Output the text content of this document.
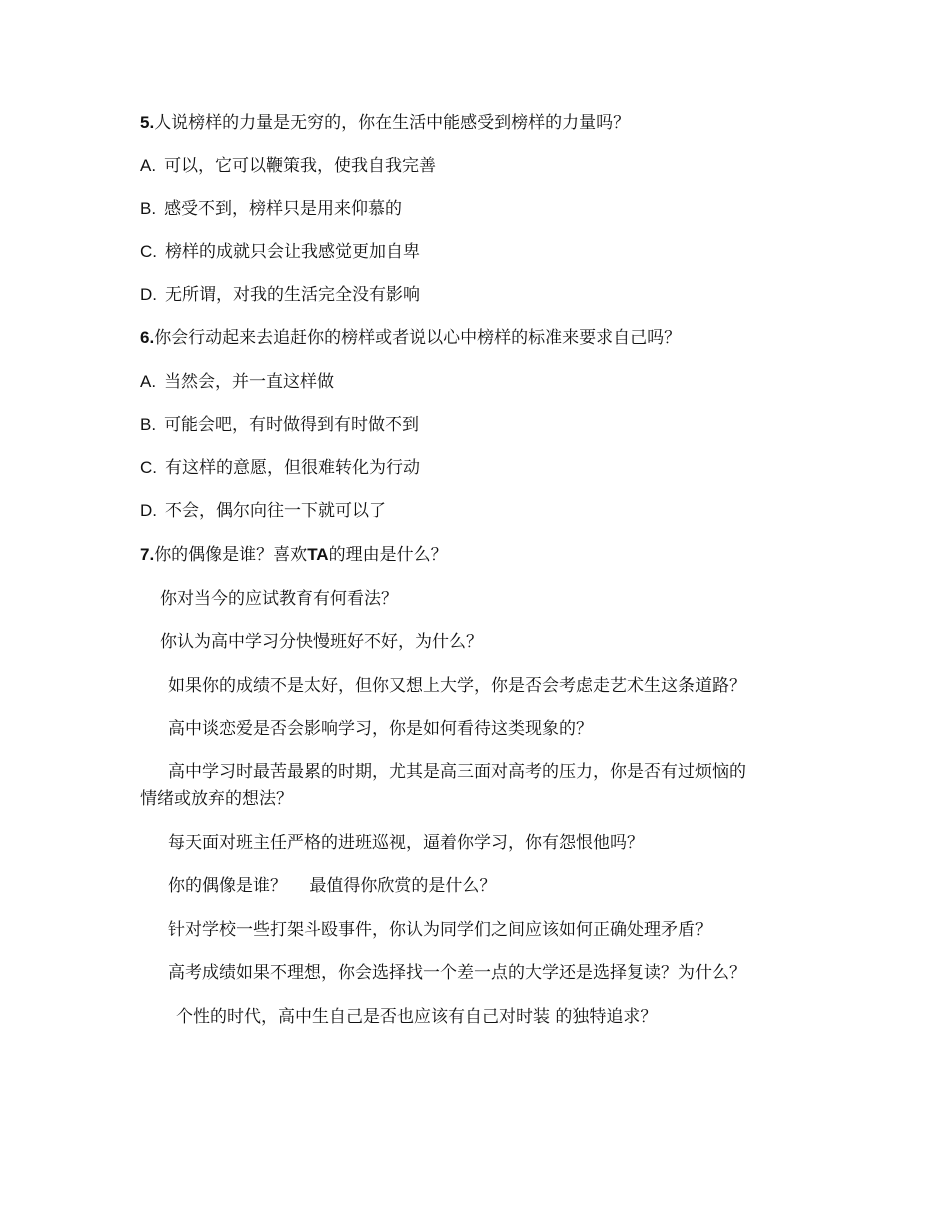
5.人说榜样的力量是无穷的，你在生活中能感受到榜样的力量吗？
A. 可以，它可以鞭策我，使我自我完善
B. 感受不到，榜样只是用来仰慕的
C. 榜样的成就只会让我感觉更加自卑
D. 无所谓，对我的生活完全没有影响
6.你会行动起来去追赶你的榜样或者说以心中榜样的标准来要求自己吗？
A. 当然会，并一直这样做
B. 可能会吧，有时做得到有时做不到
C. 有这样的意愿，但很难转化为行动
D. 不会，偶尔向往一下就可以了
7.你的偶像是谁？喜欢TA的理由是什么？
你对当今的应试教育有何看法？
你认为高中学习分快慢班好不好，为什么？
如果你的成绩不是太好，但你又想上大学，你是否会考虑走艺术生这条道路？
高中谈恋爱是否会影响学习，你是如何看待这类现象的？
高中学习时最苦最累的时期，尤其是高三面对高考的压力，你是否有过烦恼的
情绪或放弃的想法？
每天面对班主任严格的进班巡视，逼着你学习，你有怨恨他吗？
你的偶像是谁？　 最值得你欣赏的是什么？
针对学校一些打架斗殴事件，你认为同学们之间应该如何正确处理矛盾？
高考成绩如果不理想，你会选择找一个差一点的大学还是选择复读？为什么？
个性的时代，高中生自己是否也应该有自己对时装 的独特追求？
